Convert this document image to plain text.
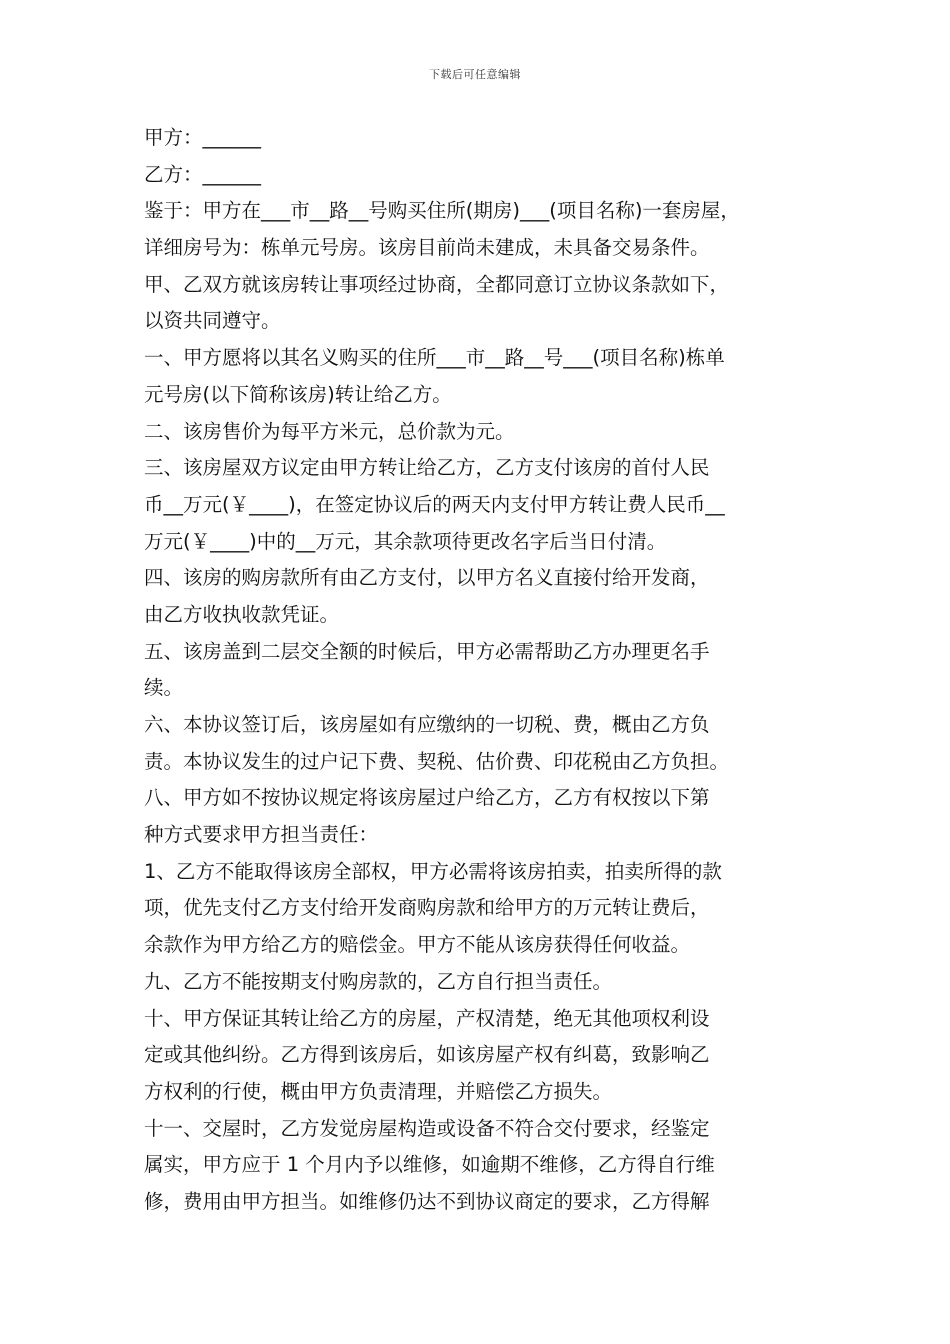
下载后可任意编辑
甲方：______
乙方：______
鉴于：甲方在___市__路__号购买住所(期房)___(项目名称)一套房屋，
详细房号为：栋单元号房。该房目前尚未建成，未具备交易条件。
甲、乙双方就该房转让事项经过协商，全都同意订立协议条款如下，
以资共同遵守。
一、甲方愿将以其名义购买的住所___市__路__号___(项目名称)栋单
元号房(以下简称该房)转让给乙方。
二、该房售价为每平方米元，总价款为元。
三、该房屋双方议定由甲方转让给乙方，乙方支付该房的首付人民
币__万元(￥____)，在签定协议后的两天内支付甲方转让费人民币__
万元(￥____)中的__万元，其余款项待更改名字后当日付清。
四、该房的购房款所有由乙方支付，以甲方名义直接付给开发商，
由乙方收执收款凭证。
五、该房盖到二层交全额的时候后，甲方必需帮助乙方办理更名手
续。
六、本协议签订后，该房屋如有应缴纳的一切税、费，概由乙方负
责。本协议发生的过户记下费、契税、估价费、印花税由乙方负担。
八、甲方如不按协议规定将该房屋过户给乙方，乙方有权按以下第
种方式要求甲方担当责任：
1、乙方不能取得该房全部权，甲方必需将该房拍卖，拍卖所得的款
项，优先支付乙方支付给开发商购房款和给甲方的万元转让费后，
余款作为甲方给乙方的赔偿金。甲方不能从该房获得任何收益。
九、乙方不能按期支付购房款的，乙方自行担当责任。
十、甲方保证其转让给乙方的房屋，产权清楚，绝无其他项权利设
定或其他纠纷。乙方得到该房后，如该房屋产权有纠葛，致影响乙
方权利的行使，概由甲方负责清理，并赔偿乙方损失。
十一、交屋时，乙方发觉房屋构造或设备不符合交付要求，经鉴定
属实，甲方应于 1 个月内予以维修，如逾期不维修，乙方得自行维
修，费用由甲方担当。如维修仍达不到协议商定的要求，乙方得解
